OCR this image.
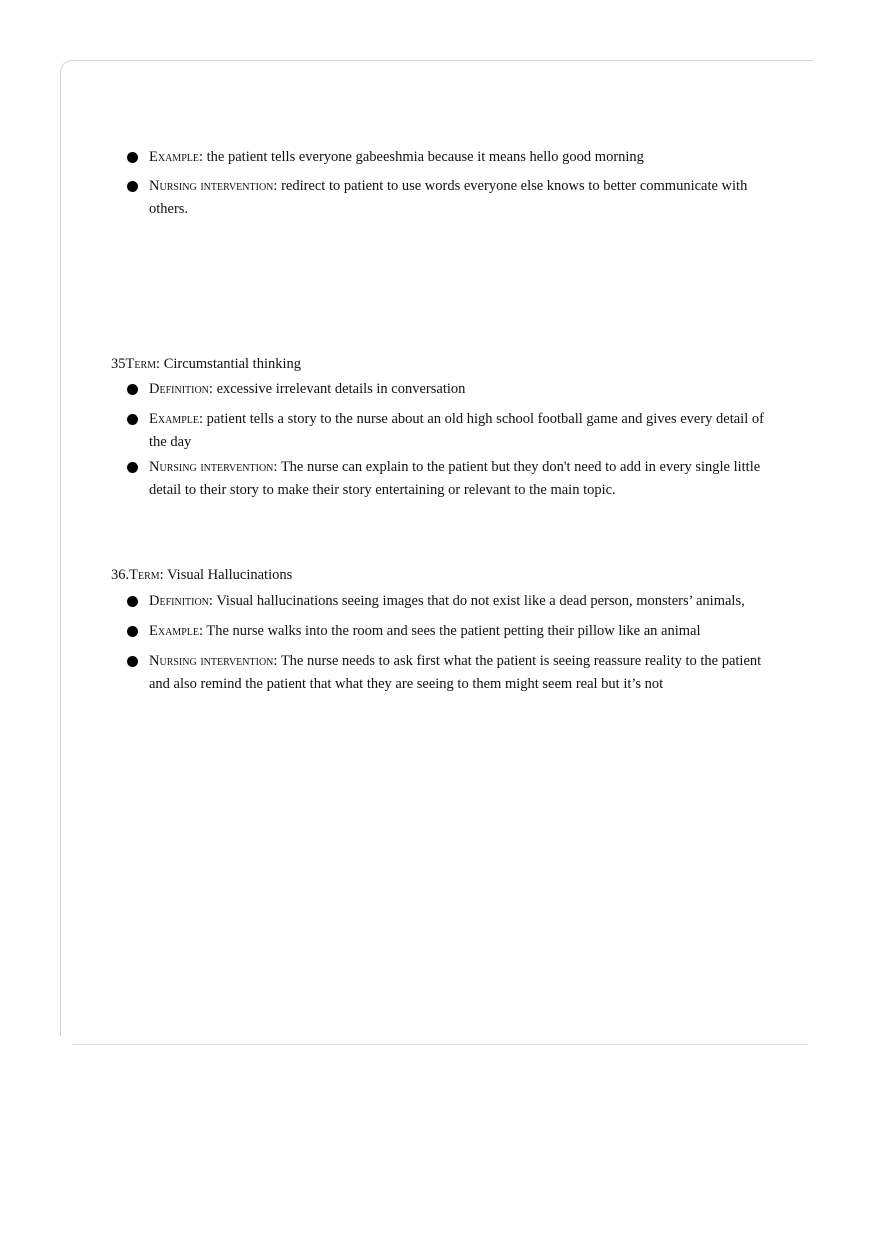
Example: the patient tells everyone gabeeshmia because it means hello good morning
Nursing intervention: redirect to patient to use words everyone else knows to better communicate with others.
35Term: Circumstantial thinking
Definition: excessive irrelevant details in conversation
Example: patient tells a story to the nurse about an old high school football game and gives every detail of the day
Nursing intervention: The nurse can explain to the patient but they don't need to add in every single little detail to their story to make their story entertaining or relevant to the main topic.
36.Term: Visual Hallucinations
Definition: Visual hallucinations seeing images that do not exist like a dead person, monsters’ animals,
Example: The nurse walks into the room and sees the patient petting their pillow like an animal
Nursing intervention: The nurse needs to ask first what the patient is seeing reassure reality to the patient and also remind the patient that what they are seeing to them might seem real but it’s not
